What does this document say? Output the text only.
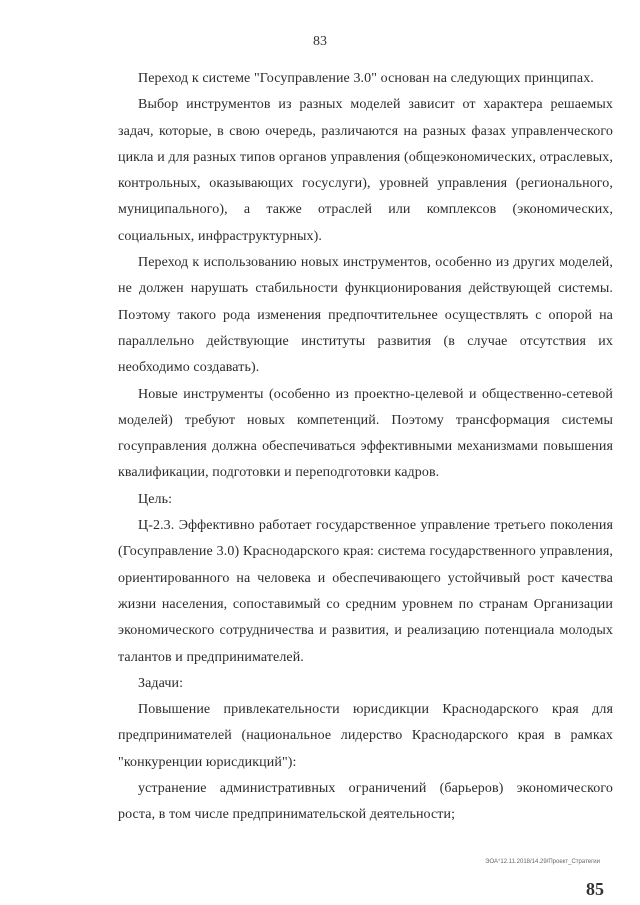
83

Переход к системе "Госуправление 3.0" основан на следующих принципах.

Выбор инструментов из разных моделей зависит от характера решаемых задач, которые, в свою очередь, различаются на разных фазах управленческого цикла и для разных типов органов управления (общеэкономических, отраслевых, контрольных, оказывающих госуслуги), уровней управления (регионального, муниципального), а также отраслей или комплексов (экономических, социальных, инфраструктурных).

Переход к использованию новых инструментов, особенно из других моделей, не должен нарушать стабильности функционирования действующей системы. Поэтому такого рода изменения предпочтительнее осуществлять с опорой на параллельно действующие институты развития (в случае отсутствия их необходимо создавать).

Новые инструменты (особенно из проектно-целевой и общественно-сетевой моделей) требуют новых компетенций. Поэтому трансформация системы госуправления должна обеспечиваться эффективными механизмами повышения квалификации, подготовки и переподготовки кадров.

Цель:

Ц-2.3. Эффективно работает государственное управление третьего поколения (Госуправление 3.0) Краснодарского края: система государственного управления, ориентированного на человека и обеспечивающего устойчивый рост качества жизни населения, сопоставимый со средним уровнем по странам Организации экономического сотрудничества и развития, и реализацию потенциала молодых талантов и предпринимателей.

Задачи:

Повышение привлекательности юрисдикции Краснодарского края для предпринимателей (национальное лидерство Краснодарского края в рамках "конкуренции юрисдикций"):

устранение административных ограничений (барьеров) экономического роста, в том числе предпринимательской деятельности;

ЭОА°12.11.2018/14.29/Проект_Стратегии
85
